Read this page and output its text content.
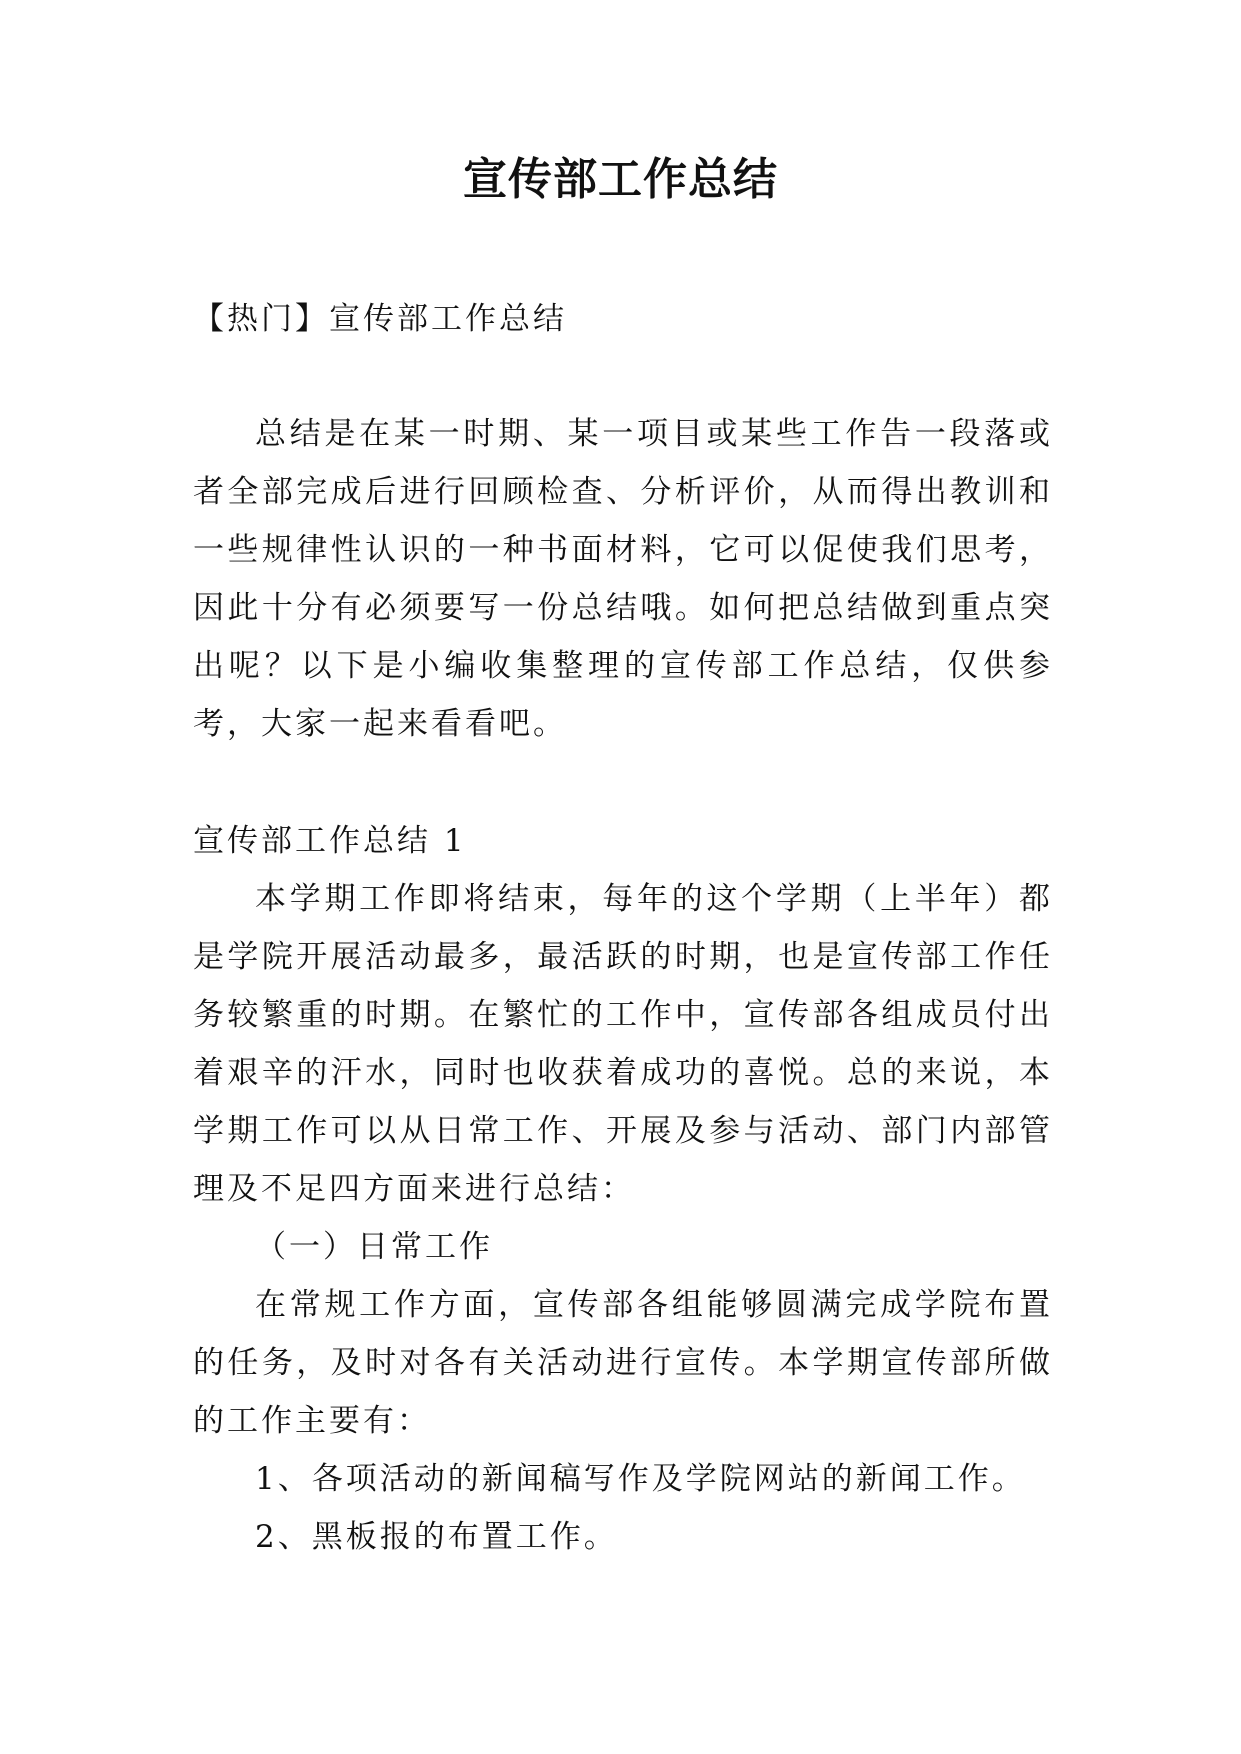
宣传部工作总结

【热门】宣传部工作总结

总结是在某一时期、某一项目或某些工作告一段落或者全部完成后进行回顾检查、分析评价，从而得出教训和一些规律性认识的一种书面材料，它可以促使我们思考，因此十分有必须要写一份总结哦。如何把总结做到重点突出呢？以下是小编收集整理的宣传部工作总结，仅供参考，大家一起来看看吧。

宣传部工作总结 1

本学期工作即将结束，每年的这个学期（上半年）都是学院开展活动最多，最活跃的时期，也是宣传部工作任务较繁重的时期。在繁忙的工作中，宣传部各组成员付出着艰辛的汗水，同时也收获着成功的喜悦。总的来说，本学期工作可以从日常工作、开展及参与活动、部门内部管理及不足四方面来进行总结：

（一）日常工作

在常规工作方面，宣传部各组能够圆满完成学院布置的任务，及时对各有关活动进行宣传。本学期宣传部所做的工作主要有：

1、各项活动的新闻稿写作及学院网站的新闻工作。

2、黑板报的布置工作。
